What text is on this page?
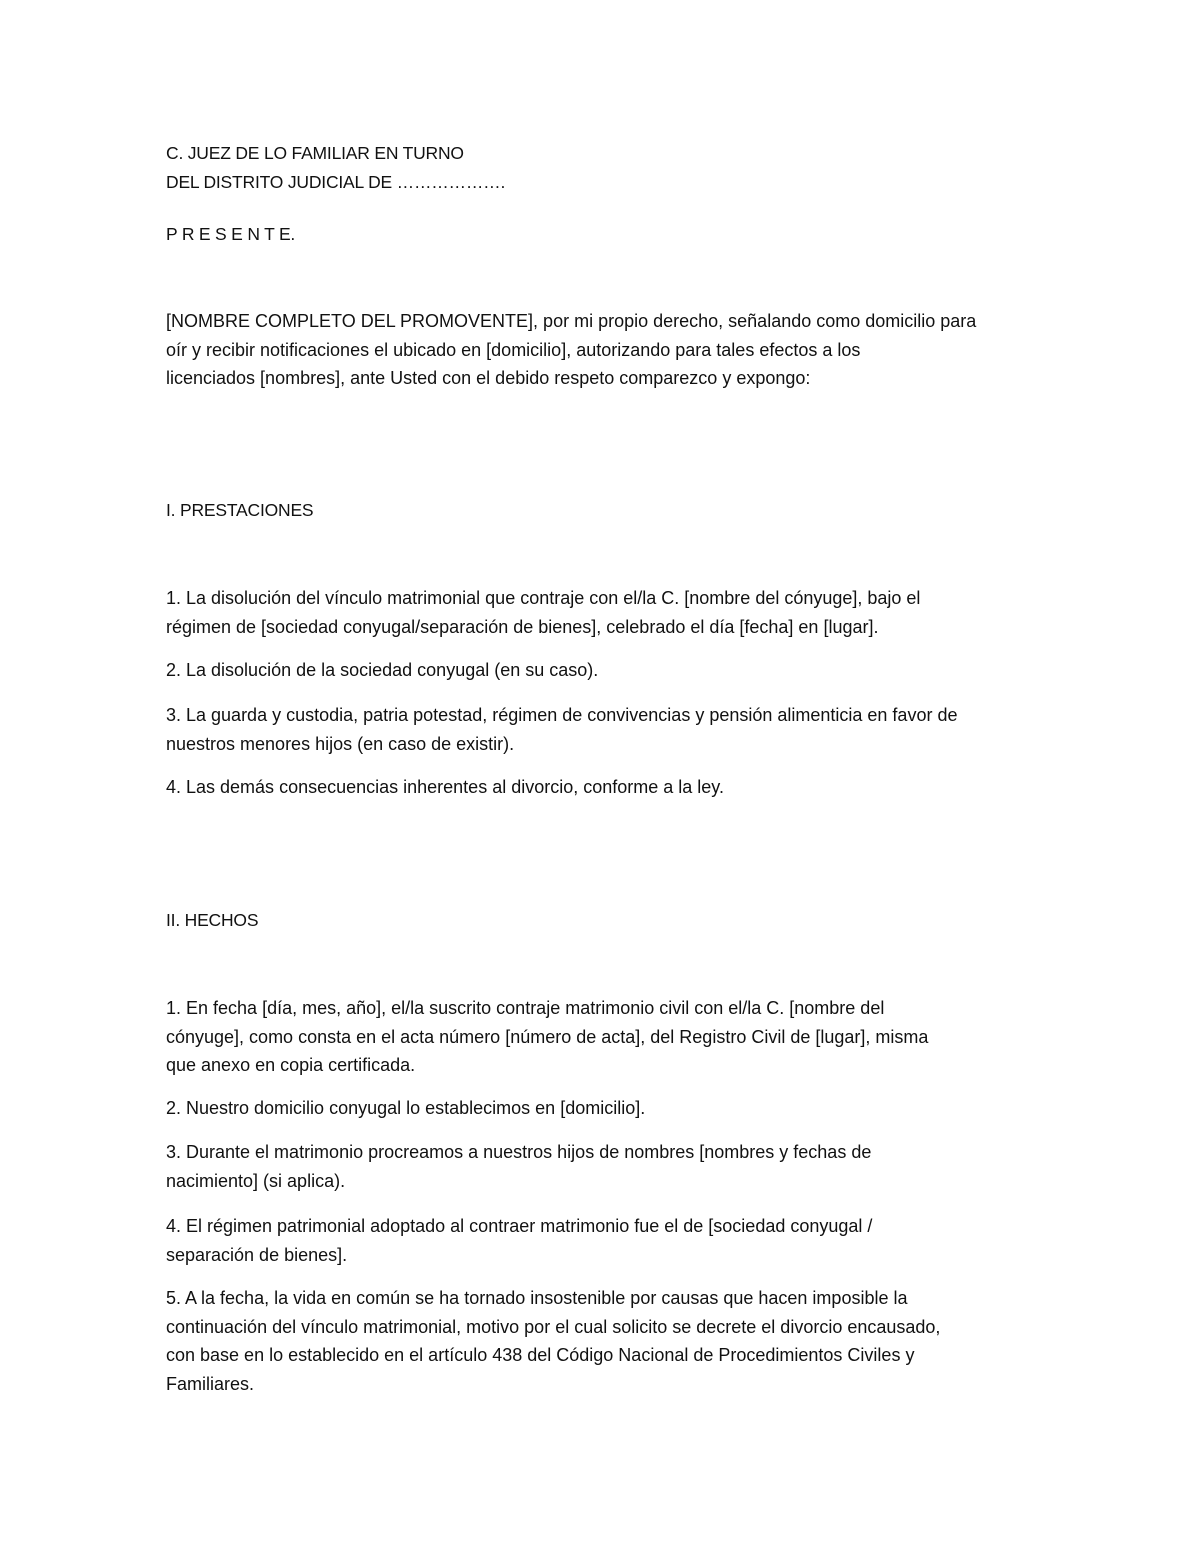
C. JUEZ DE LO FAMILIAR EN TURNO
DEL DISTRITO JUDICIAL DE ……………….
P R E S E N T E.
[NOMBRE COMPLETO DEL PROMOVENTE], por mi propio derecho, señalando como domicilio para
oír y recibir notificaciones el ubicado en [domicilio], autorizando para tales efectos a los
licenciados [nombres], ante Usted con el debido respeto comparezco y expongo:
I. PRESTACIONES
1. La disolución del vínculo matrimonial que contraje con el/la C. [nombre del cónyuge], bajo el
régimen de [sociedad conyugal/separación de bienes], celebrado el día [fecha] en [lugar].
2. La disolución de la sociedad conyugal (en su caso).
3. La guarda y custodia, patria potestad, régimen de convivencias y pensión alimenticia en favor de
nuestros menores hijos (en caso de existir).
4. Las demás consecuencias inherentes al divorcio, conforme a la ley.
II. HECHOS
1. En fecha [día, mes, año], el/la suscrito contraje matrimonio civil con el/la C. [nombre del
cónyuge], como consta en el acta número [número de acta], del Registro Civil de [lugar], misma
que anexo en copia certificada.
2. Nuestro domicilio conyugal lo establecimos en [domicilio].
3. Durante el matrimonio procreamos a nuestros hijos de nombres [nombres y fechas de
nacimiento] (si aplica).
4. El régimen patrimonial adoptado al contraer matrimonio fue el de [sociedad conyugal /
separación de bienes].
5. A la fecha, la vida en común se ha tornado insostenible por causas que hacen imposible la
continuación del vínculo matrimonial, motivo por el cual solicito se decrete el divorcio encausado,
con base en lo establecido en el artículo 438 del Código Nacional de Procedimientos Civiles y
Familiares.
